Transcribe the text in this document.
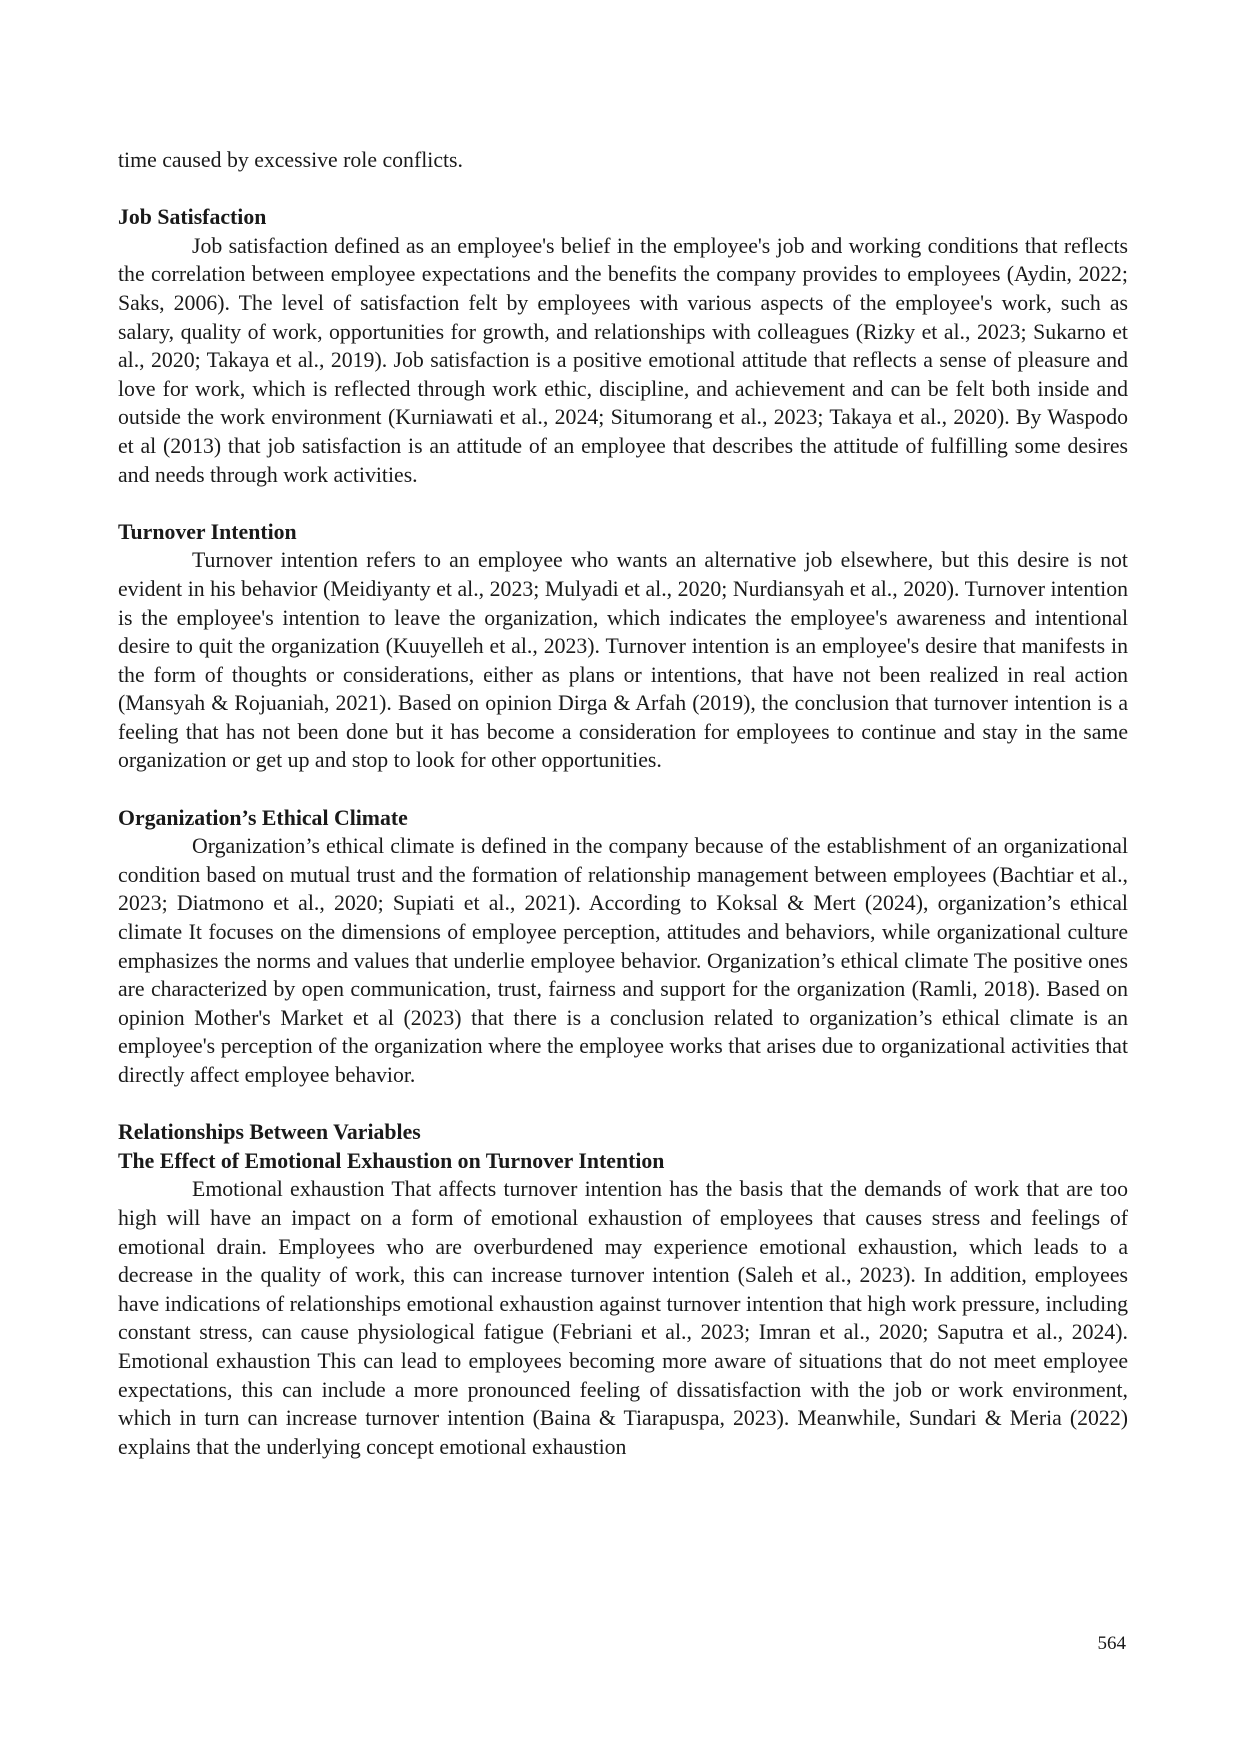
time caused by excessive role conflicts.

Job Satisfaction

Job satisfaction defined as an employee's belief in the employee's job and working conditions that reflects the correlation between employee expectations and the benefits the company provides to employees (Aydin, 2022; Saks, 2006). The level of satisfaction felt by employees with various aspects of the employee's work, such as salary, quality of work, opportunities for growth, and relationships with colleagues (Rizky et al., 2023; Sukarno et al., 2020; Takaya et al., 2019). Job satisfaction is a positive emotional attitude that reflects a sense of pleasure and love for work, which is reflected through work ethic, discipline, and achievement and can be felt both inside and outside the work environment (Kurniawati et al., 2024; Situmorang et al., 2023; Takaya et al., 2020). By Waspodo et al (2013) that job satisfaction is an attitude of an employee that describes the attitude of fulfilling some desires and needs through work activities.

Turnover Intention

Turnover intention refers to an employee who wants an alternative job elsewhere, but this desire is not evident in his behavior (Meidiyanty et al., 2023; Mulyadi et al., 2020; Nurdiansyah et al., 2020). Turnover intention is the employee's intention to leave the organization, which indicates the employee's awareness and intentional desire to quit the organization (Kuuyelleh et al., 2023). Turnover intention is an employee's desire that manifests in the form of thoughts or considerations, either as plans or intentions, that have not been realized in real action (Mansyah & Rojuaniah, 2021). Based on opinion Dirga & Arfah (2019), the conclusion that turnover intention is a feeling that has not been done but it has become a consideration for employees to continue and stay in the same organization or get up and stop to look for other opportunities.

Organization’s Ethical Climate

Organization’s ethical climate is defined in the company because of the establishment of an organizational condition based on mutual trust and the formation of relationship management between employees (Bachtiar et al., 2023; Diatmono et al., 2020; Supiati et al., 2021). According to Koksal & Mert (2024), organization’s ethical climate It focuses on the dimensions of employee perception, attitudes and behaviors, while organizational culture emphasizes the norms and values that underlie employee behavior. Organization’s ethical climate The positive ones are characterized by open communication, trust, fairness and support for the organization (Ramli, 2018). Based on opinion Mother's Market et al (2023) that there is a conclusion related to organization’s ethical climate is an employee's perception of the organization where the employee works that arises due to organizational activities that directly affect employee behavior.

Relationships Between Variables
The Effect of Emotional Exhaustion on Turnover Intention

Emotional exhaustion That affects turnover intention has the basis that the demands of work that are too high will have an impact on a form of emotional exhaustion of employees that causes stress and feelings of emotional drain. Employees who are overburdened may experience emotional exhaustion, which leads to a decrease in the quality of work, this can increase turnover intention (Saleh et al., 2023). In addition, employees have indications of relationships emotional exhaustion against turnover intention that high work pressure, including constant stress, can cause physiological fatigue (Febriani et al., 2023; Imran et al., 2020; Saputra et al., 2024). Emotional exhaustion This can lead to employees becoming more aware of situations that do not meet employee expectations, this can include a more pronounced feeling of dissatisfaction with the job or work environment, which in turn can increase turnover intention (Baina & Tiarapuspa, 2023). Meanwhile, Sundari & Meria (2022) explains that the underlying concept emotional exhaustion

564
